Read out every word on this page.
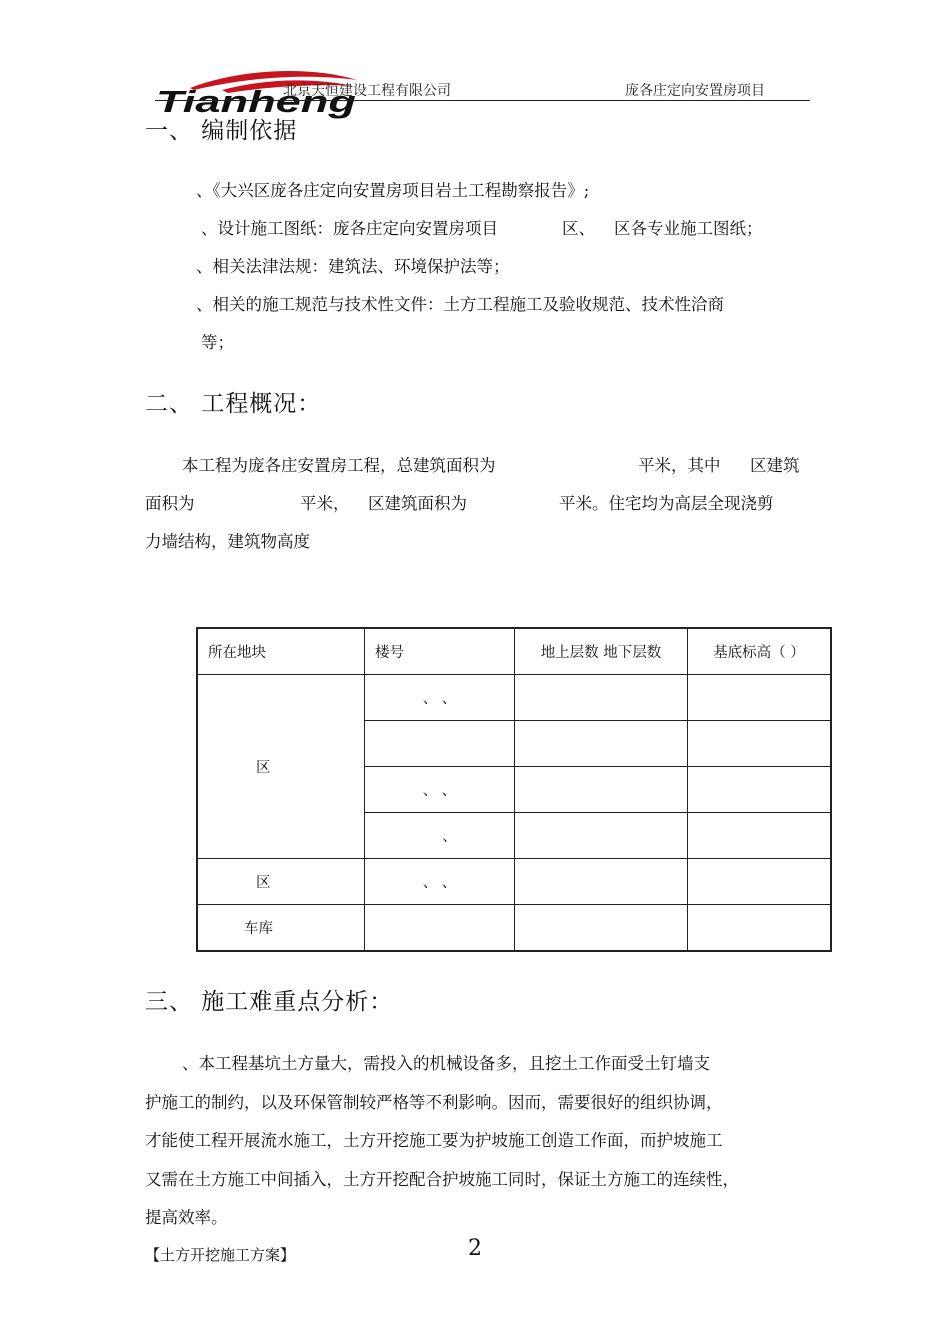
Tianheng
北京天恒建设工程有限公司	庞各庄定向安置房项目
一、 编制依据
、《大兴区庞各庄定向安置房项目岩土工程勘察报告》;
、设计施工图纸：庞各庄定向安置房项目	区、 区各专业施工图纸；
、相关法津法规：建筑法、环境保护法等；
、相关的施工规范与技术性文件：土方工程施工及验收规范、技术性洽商
等；
二、 工程概况：
本工程为庞各庄安置房工程，总建筑面积为	平米，其中 区建筑
面积为	平米， 区建筑面积为	平米。住宅均为高层全现浇剪
力墙结构，建筑物高度
所在地块	楼号	地上层数 地下层数	基底标高（ ）
区	、 、		

	、 、		
	、		
区	、 、		
车库			
三、 施工难重点分析：
、本工程基坑土方量大，需投入的机械设备多，且挖土工作面受土钉墙支
护施工的制约，以及环保管制较严格等不利影响。因而，需要很好的组织协调，
才能使工程开展流水施工，土方开挖施工要为护坡施工创造工作面，而护坡施工
又需在土方施工中间插入，土方开挖配合护坡施工同时，保证土方施工的连续性，
提高效率。
【土方开挖施工方案】	2
